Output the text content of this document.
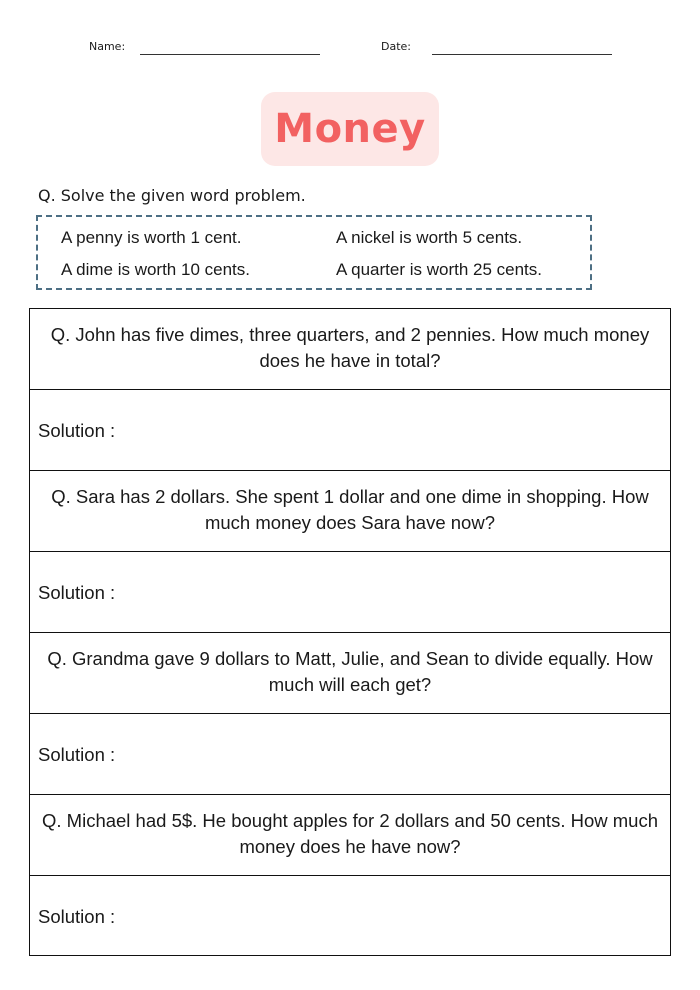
Name:	Date:
Money
Q. Solve the given word problem.
A penny is worth 1 cent.	A nickel is worth 5 cents.
A dime is worth 10 cents.	A quarter is worth 25 cents.
Q. John has five dimes, three quarters, and 2 pennies. How much money does he have in total?
Solution :
Q. Sara has 2 dollars. She spent 1 dollar and one dime in shopping. How much money does Sara have now?
Solution :
Q. Grandma gave 9 dollars to Matt, Julie, and Sean to divide equally. How much will each get?
Solution :
Q. Michael had 5$. He bought apples for 2 dollars and 50 cents. How much money does he have now?
Solution :
